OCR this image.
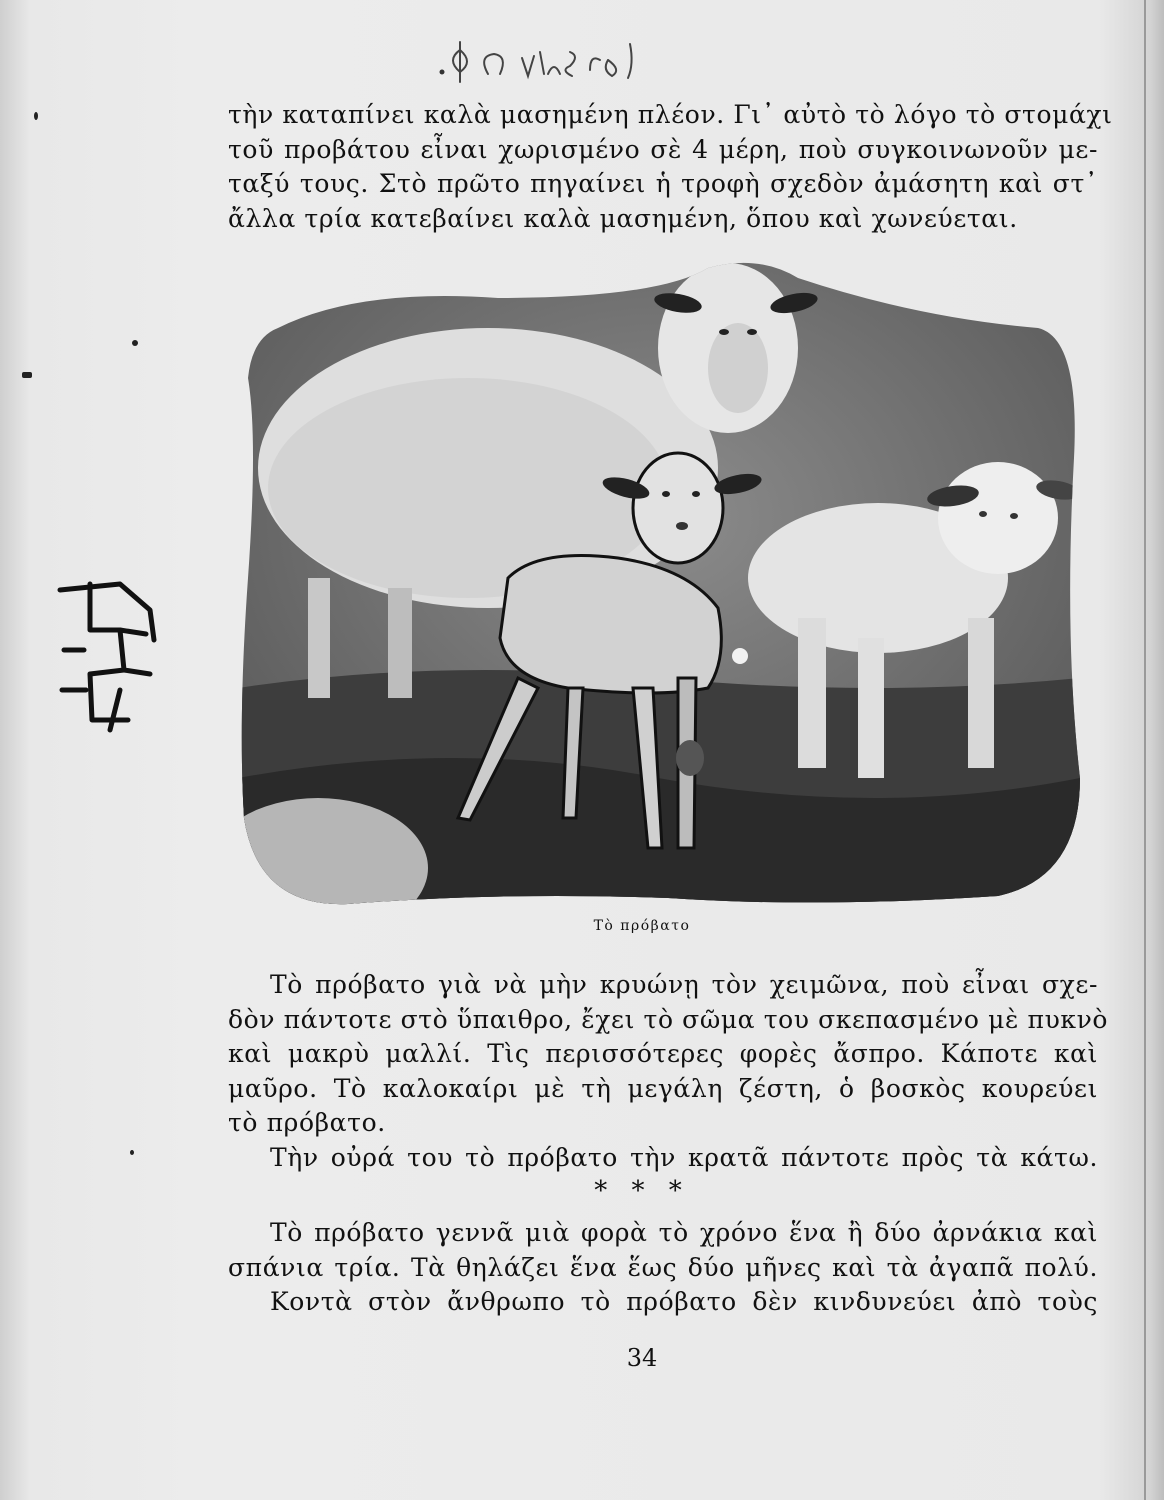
τὴν καταπίνει καλὰ μασημένη πλέον. Γι᾿ αὐτὸ τὸ λόγο τὸ στομάχι
τοῦ προβάτου εἶναι χωρισμένο σὲ 4 μέρη, ποὺ συγκοινωνοῦν με-
ταξύ τους. Στὸ πρῶτο πηγαίνει ἡ τροφὴ σχεδὸν ἀμάσητη καὶ στ᾿
ἄλλα τρία κατεβαίνει καλὰ μασημένη, ὅπου καὶ χωνεύεται.
Τὸ πρόβατο
Τὸ πρόβατο γιὰ νὰ μὴν κρυώνῃ τὸν χειμῶνα, ποὺ εἶναι σχε-
δὸν πάντοτε στὸ ὕπαιθρο, ἔχει τὸ σῶμα του σκεπασμένο μὲ πυκνὸ
καὶ μακρὺ μαλλί. Τὶς περισσότερες φορὲς ἄσπρο. Κάποτε καὶ
μαῦρο. Τὸ καλοκαίρι μὲ τὴ μεγάλη ζέστη, ὁ βοσκὸς κουρεύει
τὸ πρόβατο.
Τὴν οὐρά του τὸ πρόβατο τὴν κρατᾶ πάντοτε πρὸς τὰ κάτω.
* * *
Τὸ πρόβατο γεννᾶ μιὰ φορὰ τὸ χρόνο ἕνα ἢ δύο ἀρνάκια καὶ
σπάνια τρία. Τὰ θηλάζει ἕνα ἕως δύο μῆνες καὶ τὰ ἀγαπᾶ πολύ.
Κοντὰ στὸν ἄνθρωπο τὸ πρόβατο δὲν κινδυνεύει ἀπὸ τοὺς
34
